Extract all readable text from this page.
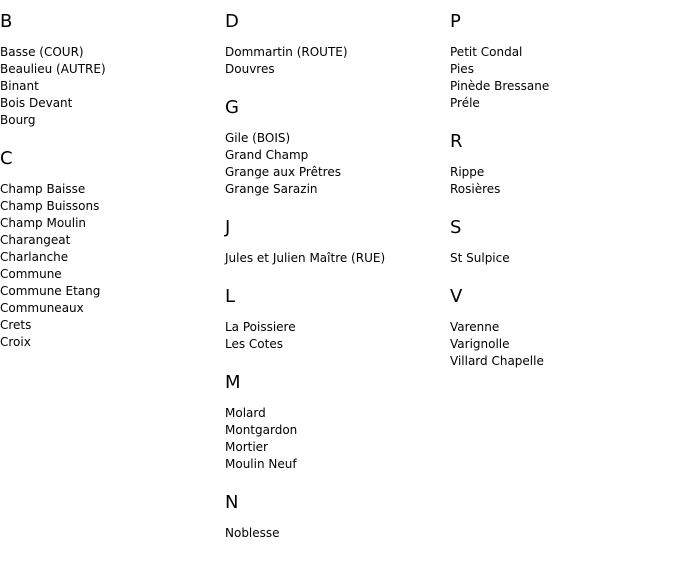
B
Basse (COUR)
Beaulieu (AUTRE)
Binant
Bois Devant
Bourg
C
Champ Baisse
Champ Buissons
Champ Moulin
Charangeat
Charlanche
Commune
Commune Etang
Communeaux
Crets
Croix
D
Dommartin (ROUTE)
Douvres
G
Gile (BOIS)
Grand Champ
Grange aux Prêtres
Grange Sarazin
J
Jules et Julien Maître (RUE)
L
La Poissiere
Les Cotes
M
Molard
Montgardon
Mortier
Moulin Neuf
N
Noblesse
P
Petit Condal
Pies
Pinède Bressane
Préle
R
Rippe
Rosières
S
St Sulpice
V
Varenne
Varignolle
Villard Chapelle
